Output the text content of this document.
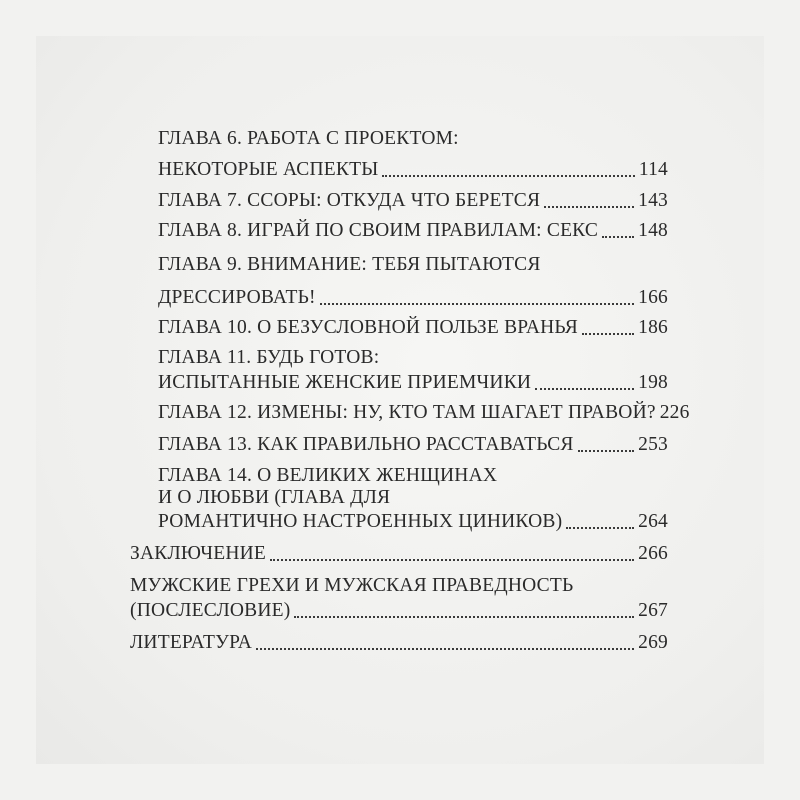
ГЛАВА 6. РАБОТА С ПРОЕКТОМ:
НЕКОТОРЫЕ АСПЕКТЫ	114
ГЛАВА 7. ССОРЫ: ОТКУДА ЧТО БЕРЕТСЯ	143
ГЛАВА 8. ИГРАЙ ПО СВОИМ ПРАВИЛАМ: СЕКС 148
ГЛАВА 9. ВНИМАНИЕ: ТЕБЯ ПЫТАЮТСЯ
ДРЕССИРОВАТЬ!	166
ГЛАВА 10. О БЕЗУСЛОВНОЙ ПОЛЬЗЕ ВРАНЬЯ	186
ГЛАВА 11. БУДЬ ГОТОВ:
ИСПЫТАННЫЕ ЖЕНСКИЕ ПРИЕМЧИКИ	198
ГЛАВА 12. ИЗМЕНЫ: НУ, КТО ТАМ ШАГАЕТ ПРАВОЙ? 226
ГЛАВА 13. КАК ПРАВИЛЬНО РАССТАВАТЬСЯ	253
ГЛАВА 14. О ВЕЛИКИХ ЖЕНЩИНАХ
И О ЛЮБВИ (ГЛАВА ДЛЯ
РОМАНТИЧНО НАСТРОЕННЫХ ЦИНИКОВ)	264
ЗАКЛЮЧЕНИЕ	266
МУЖСКИЕ ГРЕХИ И МУЖСКАЯ ПРАВЕДНОСТЬ
(ПОСЛЕСЛОВИЕ)	267
ЛИТЕРАТУРА	269
